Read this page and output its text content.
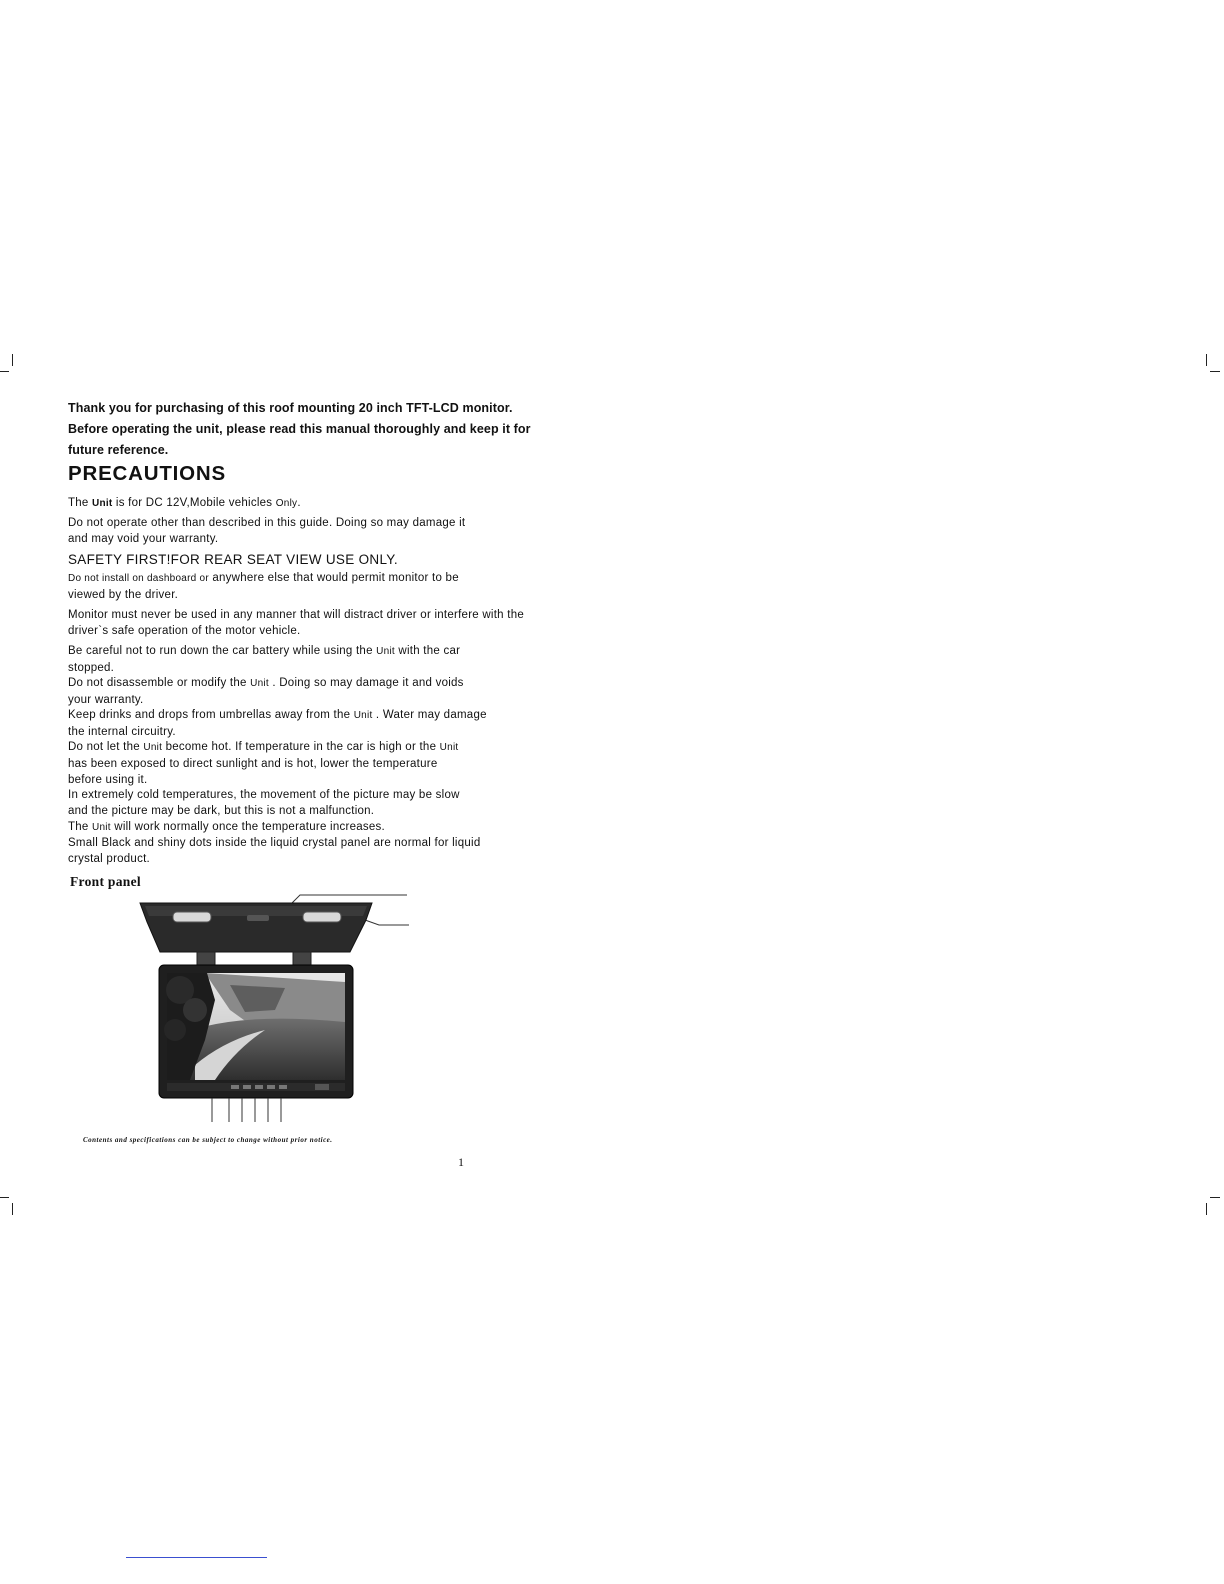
Thank you for purchasing of this roof mounting 20 inch TFT-LCD monitor.

Before operating the unit, please read this manual thoroughly and keep it for

future reference.

PRECAUTIONS

The Unit is for DC 12V,Mobile vehicles Only.

Do not operate other than described in this guide. Doing so may damage it
and may void your warranty.

SAFETY FIRST!FOR REAR SEAT VIEW USE ONLY.

Do not install on dashboard or anywhere else that would permit monitor to be
viewed by the driver.

Monitor must never be used in any manner that will distract driver or interfere with the
driver`s safe operation of the motor vehicle.

Be careful not to run down the car battery while using the Unit with the car
stopped.

Do not disassemble or modify the Unit . Doing so may damage it and voids
your warranty.

Keep drinks and drops from umbrellas away from the Unit . Water may damage
the internal circuitry.

Do not let the Unit become hot. If temperature in the car is high or the Unit
has been exposed to direct sunlight and is hot, lower the temperature
before using it.

In extremely cold temperatures, the movement of the picture may be slow
and the picture may be dark, but this is not a malfunction.

The Unit will work normally once the temperature increases.

Small Black and shiny dots inside the liquid crystal panel are normal for liquid
crystal product.

Front panel

Contents and specifications can be subject to change without prior notice.

1
